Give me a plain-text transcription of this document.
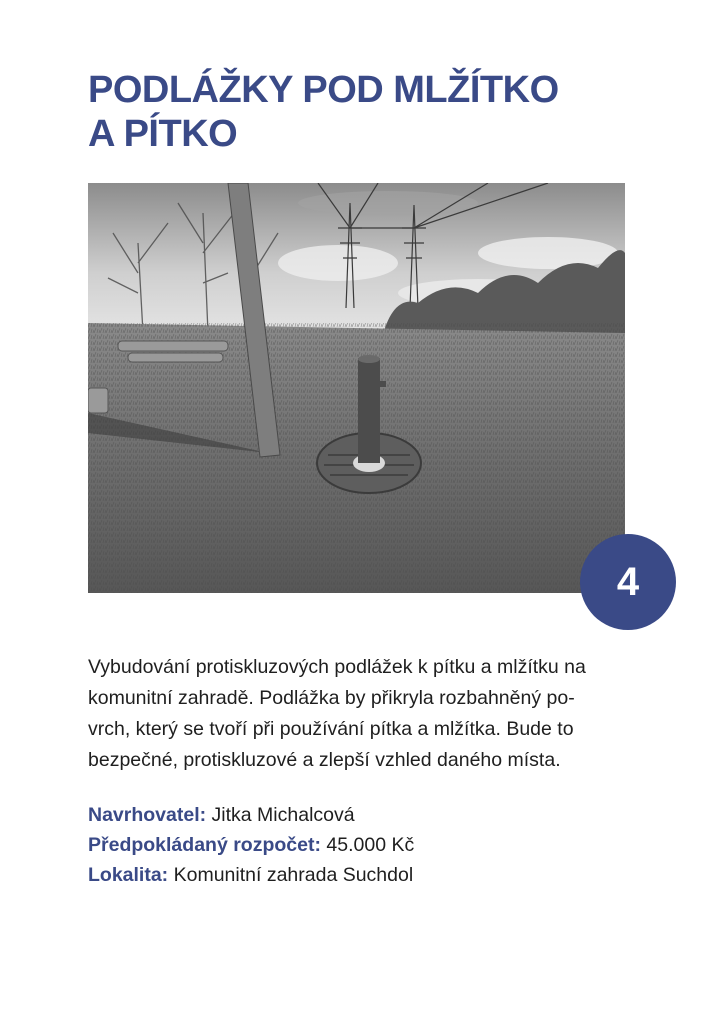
PODLÁŽKY POD MLŽÍTKO
A PÍTKO
4

Vybudování protiskluzových podlážek k pítku a mlžítku na
komunitní zahradě. Podlážka by přikryla rozbahněný po-
vrch, který se tvoří při používání pítka a mlžítka. Bude to
bezpečné, protiskluzové a zlepší vzhled daného místa.

Navrhovatel: Jitka Michalcová
Předpokládaný rozpočet: 45.000 Kč
Lokalita: Komunitní zahrada Suchdol
